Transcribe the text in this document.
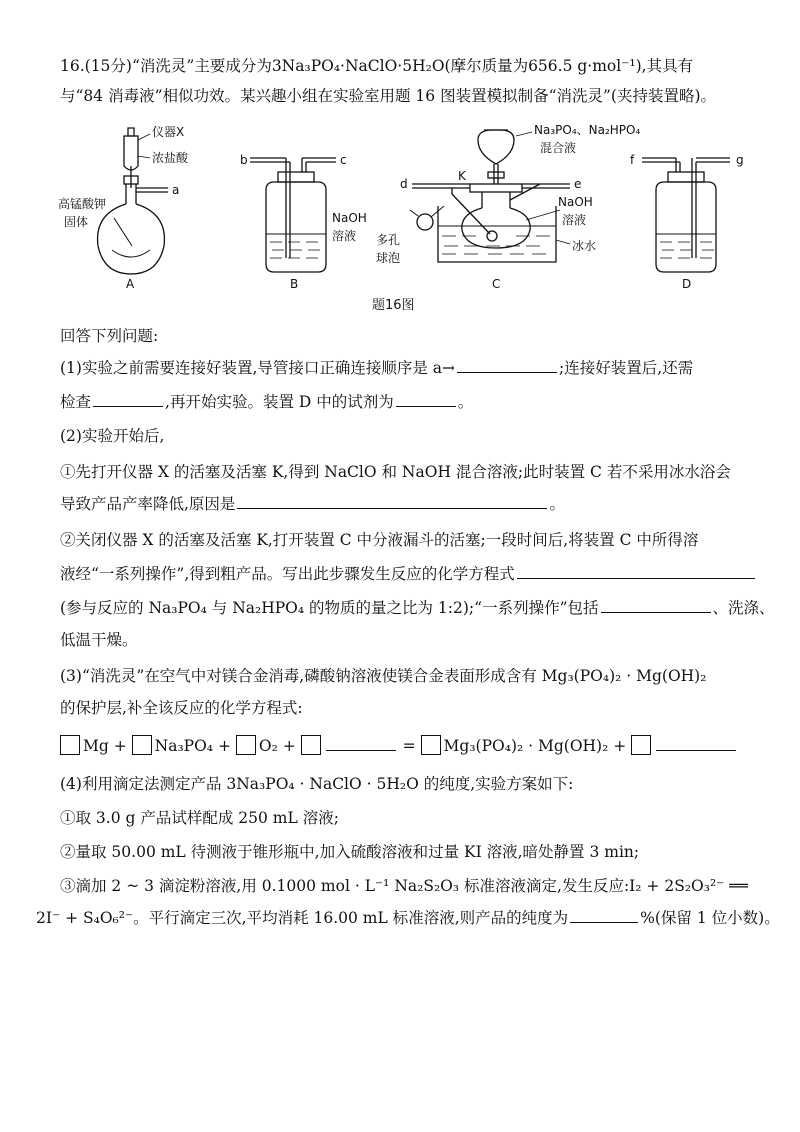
16.(15分)“消洗灵”主要成分为3Na₃PO₄·NaClO·5H₂O(摩尔质量为656.5 g·mol⁻¹),其具有
与“84 消毒液”相似功效。某兴趣小组在实验室用题 16 图装置模拟制备“消洗灵”(夹持装置略)。
仪器X
浓盐酸
a
高锰酸钾
固体
A
b	c
NaOH
溶液
B
Na₃PO₄、Na₂HPO₄
混合液
K
d	e
NaOH
溶液
多孔
球泡
冰水
C
f	g
D
题16图
回答下列问题:
(1)实验之前需要连接好装置,导管接口正确连接顺序是 a→	;连接好装置后,还需
检查	,再开始实验。装置 D 中的试剂为	。
(2)实验开始后,
①先打开仪器 X 的活塞及活塞 K,得到 NaClO 和 NaOH 混合溶液;此时装置 C 若不采用冰水浴会
导致产品产率降低,原因是	。
②关闭仪器 X 的活塞及活塞 K,打开装置 C 中分液漏斗的活塞;一段时间后,将装置 C 中所得溶
液经“一系列操作”,得到粗产品。写出此步骤发生反应的化学方程式
(参与反应的 Na₃PO₄ 与 Na₂HPO₄ 的物质的量之比为 1:2);“一系列操作”包括	、洗涤、
低温干燥。
(3)“消洗灵”在空气中对镁合金消毒,磷酸钠溶液使镁合金表面形成含有 Mg₃(PO₄)₂ · Mg(OH)₂
的保护层,补全该反应的化学方程式:
Mg + Na₃PO₄ + O₂ +	= Mg₃(PO₄)₂ · Mg(OH)₂ +
(4)利用滴定法测定产品 3Na₃PO₄ · NaClO · 5H₂O 的纯度,实验方案如下:
①取 3.0 g 产品试样配成 250 mL 溶液;
②量取 50.00 mL 待测液于锥形瓶中,加入硫酸溶液和过量 KI 溶液,暗处静置 3 min;
③滴加 2 ~ 3 滴淀粉溶液,用 0.1000 mol · L⁻¹ Na₂S₂O₃ 标准溶液滴定,发生反应:I₂ + 2S₂O₃²⁻ ══
2I⁻ + S₄O₆²⁻。平行滴定三次,平均消耗 16.00 mL 标准溶液,则产品的纯度为	%(保留 1 位小数)。
